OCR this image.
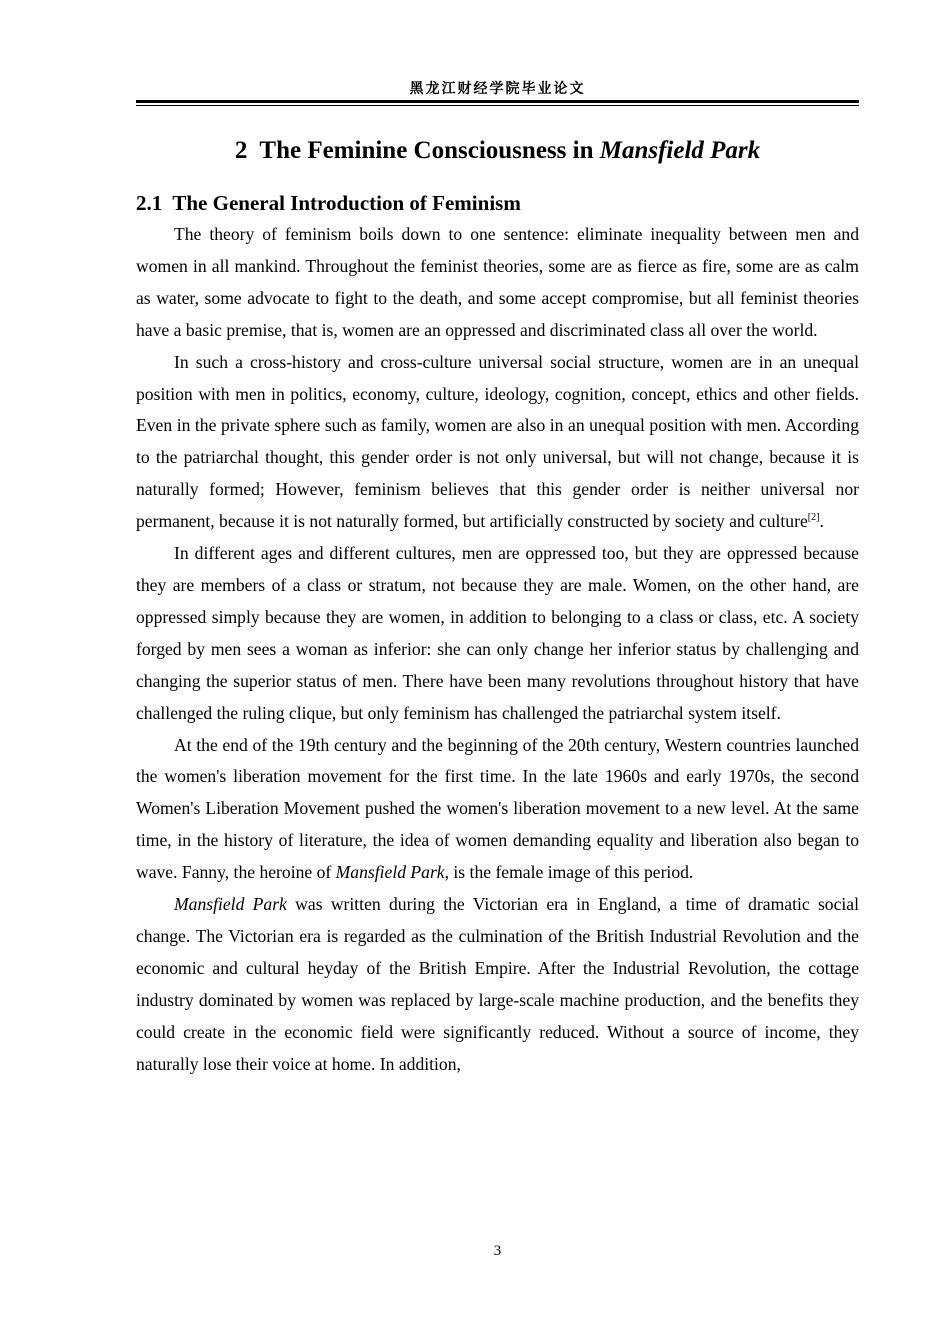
黑龙江财经学院毕业论文
2 The Feminine Consciousness in Mansfield Park
2.1 The General Introduction of Feminism

The theory of feminism boils down to one sentence: eliminate inequality between men and women in all mankind. Throughout the feminist theories, some are as fierce as fire, some are as calm as water, some advocate to fight to the death, and some accept compromise, but all feminist theories have a basic premise, that is, women are an oppressed and discriminated class all over the world.

In such a cross-history and cross-culture universal social structure, women are in an unequal position with men in politics, economy, culture, ideology, cognition, concept, ethics and other fields. Even in the private sphere such as family, women are also in an unequal position with men. According to the patriarchal thought, this gender order is not only universal, but will not change, because it is naturally formed; However, feminism believes that this gender order is neither universal nor permanent, because it is not naturally formed, but artificially constructed by society and culture[2].

In different ages and different cultures, men are oppressed too, but they are oppressed because they are members of a class or stratum, not because they are male. Women, on the other hand, are oppressed simply because they are women, in addition to belonging to a class or class, etc. A society forged by men sees a woman as inferior: she can only change her inferior status by challenging and changing the superior status of men. There have been many revolutions throughout history that have challenged the ruling clique, but only feminism has challenged the patriarchal system itself.

At the end of the 19th century and the beginning of the 20th century, Western countries launched the women's liberation movement for the first time. In the late 1960s and early 1970s, the second Women's Liberation Movement pushed the women's liberation movement to a new level. At the same time, in the history of literature, the idea of women demanding equality and liberation also began to wave. Fanny, the heroine of Mansfield Park, is the female image of this period.

Mansfield Park was written during the Victorian era in England, a time of dramatic social change. The Victorian era is regarded as the culmination of the British Industrial Revolution and the economic and cultural heyday of the British Empire. After the Industrial Revolution, the cottage industry dominated by women was replaced by large-scale machine production, and the benefits they could create in the economic field were significantly reduced. Without a source of income, they naturally lose their voice at home. In addition,

3
